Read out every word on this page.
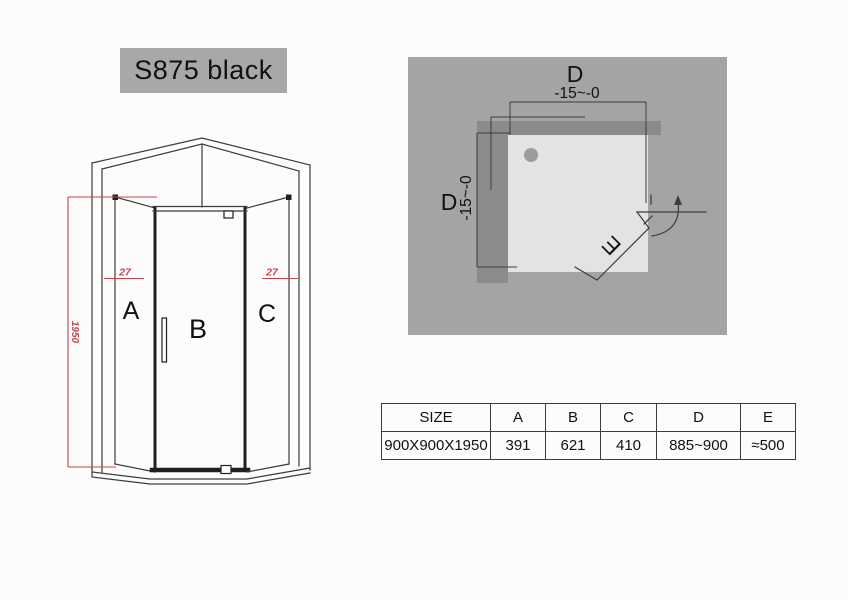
S875 black
1950
27	27
A
B C
D
-15~-0
D -15~-0
E
SIZE	A	B	C	D	E
900X900X1950	391	621	410	885~900	≈500
